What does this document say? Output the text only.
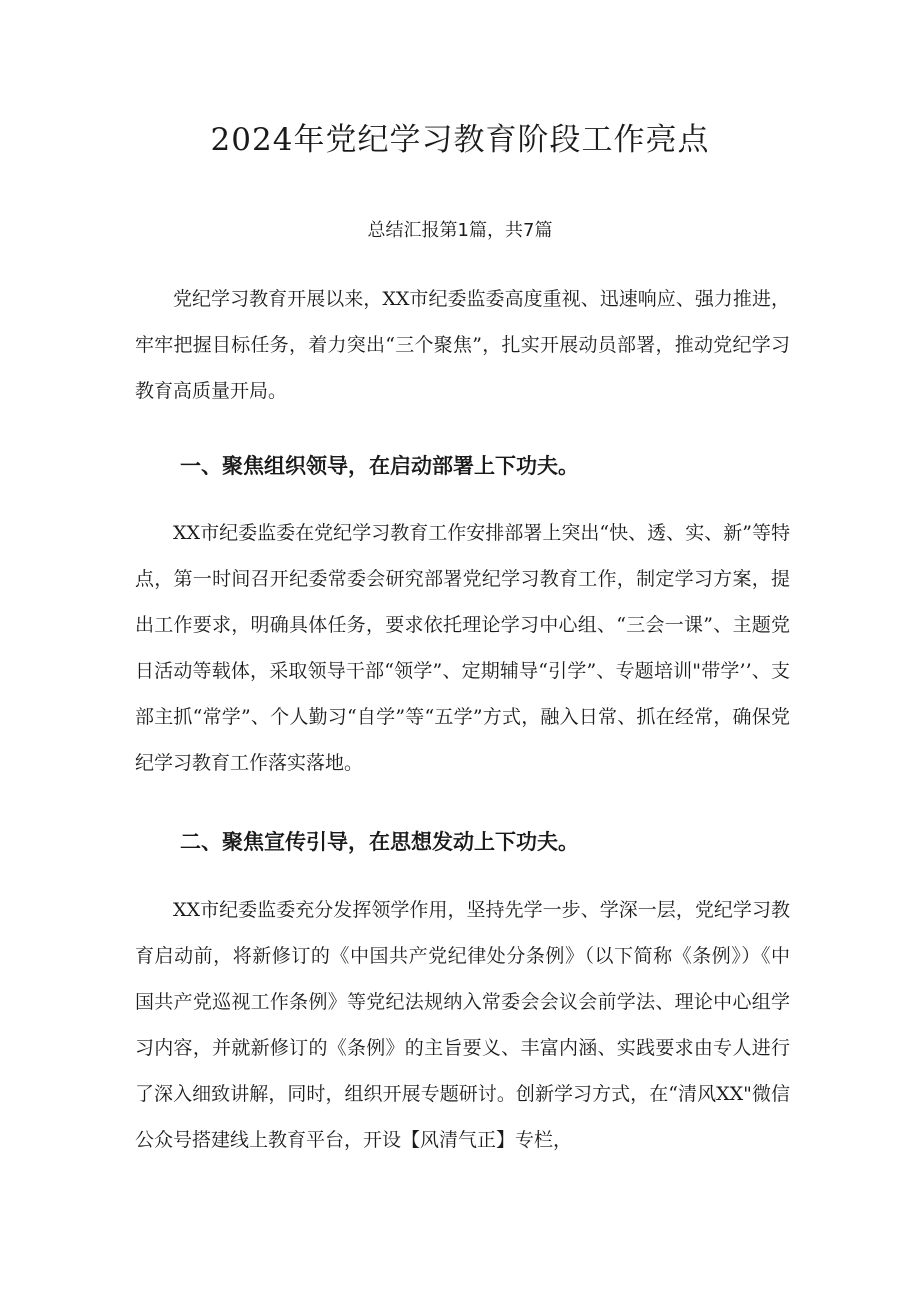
2024年党纪学习教育阶段工作亮点
总结汇报第1篇，共7篇

党纪学习教育开展以来，XX市纪委监委高度重视、迅速响应、强力推进，牢牢把握目标任务，着力突出“三个聚焦”，扎实开展动员部署，推动党纪学习教育高质量开局。

一、聚焦组织领导，在启动部署上下功夫。

XX市纪委监委在党纪学习教育工作安排部署上突出“快、透、实、新”等特点，第一时间召开纪委常委会研究部署党纪学习教育工作，制定学习方案，提出工作要求，明确具体任务，要求依托理论学习中心组、“三会一课”、主题党日活动等载体，采取领导干部“领学”、定期辅导“引学”、专题培训"带学’’、支部主抓“常学”、个人勤习“自学”等“五学”方式，融入日常、抓在经常，确保党纪学习教育工作落实落地。

二、聚焦宣传引导，在思想发动上下功夫。

XX市纪委监委充分发挥领学作用，坚持先学一步、学深一层，党纪学习教育启动前，将新修订的《中国共产党纪律处分条例》（以下简称《条例》）《中国共产党巡视工作条例》等党纪法规纳入常委会会议会前学法、理论中心组学习内容，并就新修订的《条例》的主旨要义、丰富内涵、实践要求由专人进行了深入细致讲解，同时，组织开展专题研讨。创新学习方式，在“清风XX"微信公众号搭建线上教育平台，开设【风清气正】专栏，
